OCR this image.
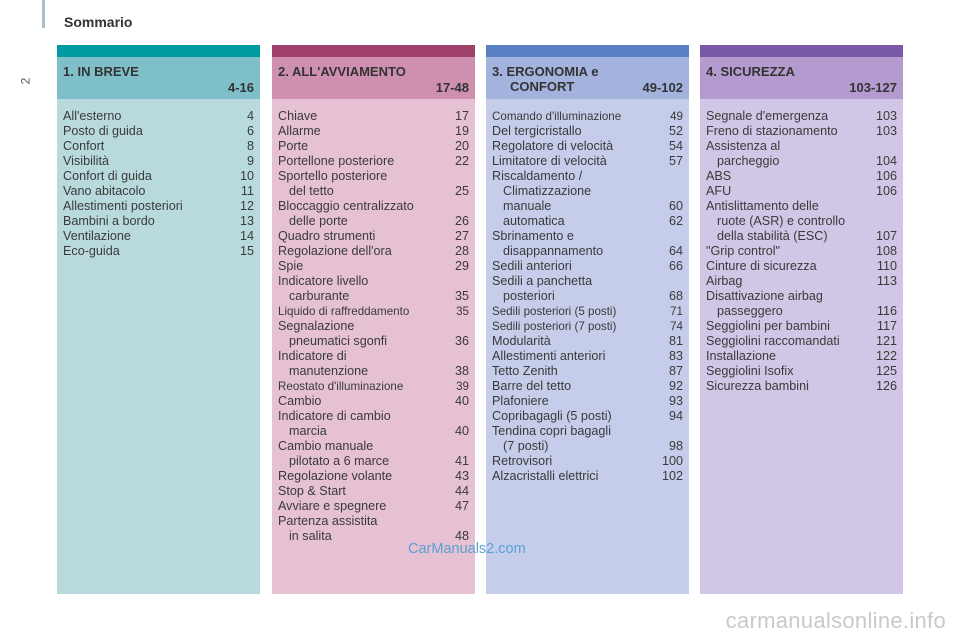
Sommario
2
1. IN BREVE
4-16
All'esterno	4
Posto di guida	6
Confort	8
Visibilità	9
Confort di guida	10
Vano abitacolo	11
Allestimenti posteriori	12
Bambini a bordo	13
Ventilazione	14
Eco-guida	15
2. ALL'AVVIAMENTO
17-48
Chiave	17
Allarme	19
Porte	20
Portellone posteriore	22
Sportello posteriore
del tetto	25
Bloccaggio centralizzato
delle porte	26
Quadro strumenti	27
Regolazione dell'ora	28
Spie	29
Indicatore livello
carburante	35
Liquido di raffreddamento	35
Segnalazione
pneumatici sgonfi	36
Indicatore di
manutenzione	38
Reostato d'illuminazione	39
Cambio	40
Indicatore di cambio
marcia	40
Cambio manuale
pilotato a 6 marce	41
Regolazione volante	43
Stop & Start	44
Avviare e spegnere	47
Partenza assistita
in salita	48
3. ERGONOMIA e
CONFORT	49-102
Comando d'illuminazione	49
Del tergicristallo	52
Regolatore di velocità	54
Limitatore di velocità	57
Riscaldamento /
Climatizzazione
manuale	60
automatica	62
Sbrinamento e
disappannamento	64
Sedili anteriori	66
Sedili a panchetta
posteriori	68
Sedili posteriori (5 posti)	71
Sedili posteriori (7 posti)	74
Modularità	81
Allestimenti anteriori	83
Tetto Zenith	87
Barre del tetto	92
Plafoniere	93
Copribagagli (5 posti)	94
Tendina copri bagagli
(7 posti)	98
Retrovisori	100
Alzacristalli elettrici	102
4. SICUREZZA
103-127
Segnale d'emergenza	103
Freno di stazionamento	103
Assistenza al
parcheggio	104
ABS	106
AFU	106
Antislittamento delle
ruote (ASR) e controllo
della stabilità (ESC)	107
"Grip control"	108
Cinture di sicurezza	110
Airbag	113
Disattivazione airbag
passeggero	116
Seggiolini per bambini	117
Seggiolini raccomandati	121
Installazione	122
Seggiolini Isofix	125
Sicurezza bambini	126
CarManuals2.com
carmanualsonline.info
